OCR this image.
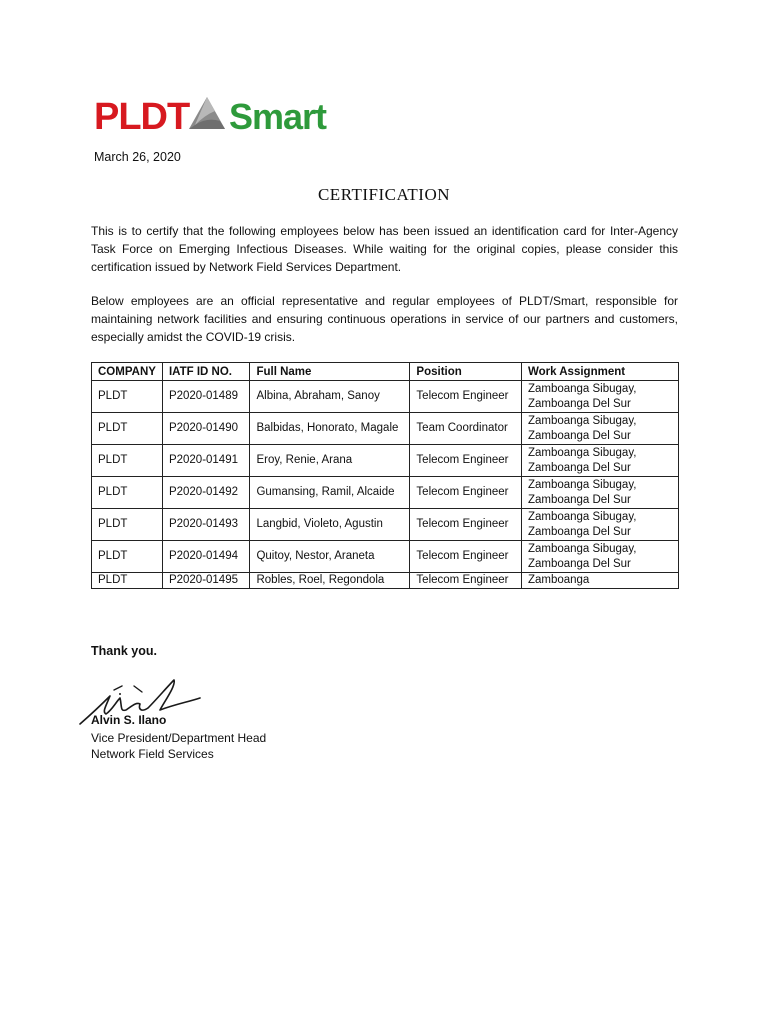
PLDT Smart
March 26, 2020
CERTIFICATION

This is to certify that the following employees below has been issued an identification card for Inter-Agency Task Force on Emerging Infectious Diseases. While waiting for the original copies, please consider this certification issued by Network Field Services Department.

Below employees are an official representative and regular employees of PLDT/Smart, responsible for maintaining network facilities and ensuring continuous operations in service of our partners and customers, especially amidst the COVID-19 crisis.

COMPANY	IATF ID NO.	Full Name	Position	Work Assignment
PLDT	P2020-01489	Albina, Abraham, Sanoy	Telecom Engineer	Zamboanga Sibugay,
Zamboanga Del Sur
PLDT	P2020-01490	Balbidas, Honorato, Magale	Team Coordinator	Zamboanga Sibugay,
Zamboanga Del Sur
PLDT	P2020-01491	Eroy, Renie, Arana	Telecom Engineer	Zamboanga Sibugay,
Zamboanga Del Sur
PLDT	P2020-01492	Gumansing, Ramil, Alcaide	Telecom Engineer	Zamboanga Sibugay,
Zamboanga Del Sur
PLDT	P2020-01493	Langbid, Violeto, Agustin	Telecom Engineer	Zamboanga Sibugay,
Zamboanga Del Sur
PLDT	P2020-01494	Quitoy, Nestor, Araneta	Telecom Engineer	Zamboanga Sibugay,
Zamboanga Del Sur
PLDT	P2020-01495	Robles, Roel, Regondola	Telecom Engineer	Zamboanga
Thank you.
Alvin S. Ilano
Vice President/Department Head
Network Field Services
